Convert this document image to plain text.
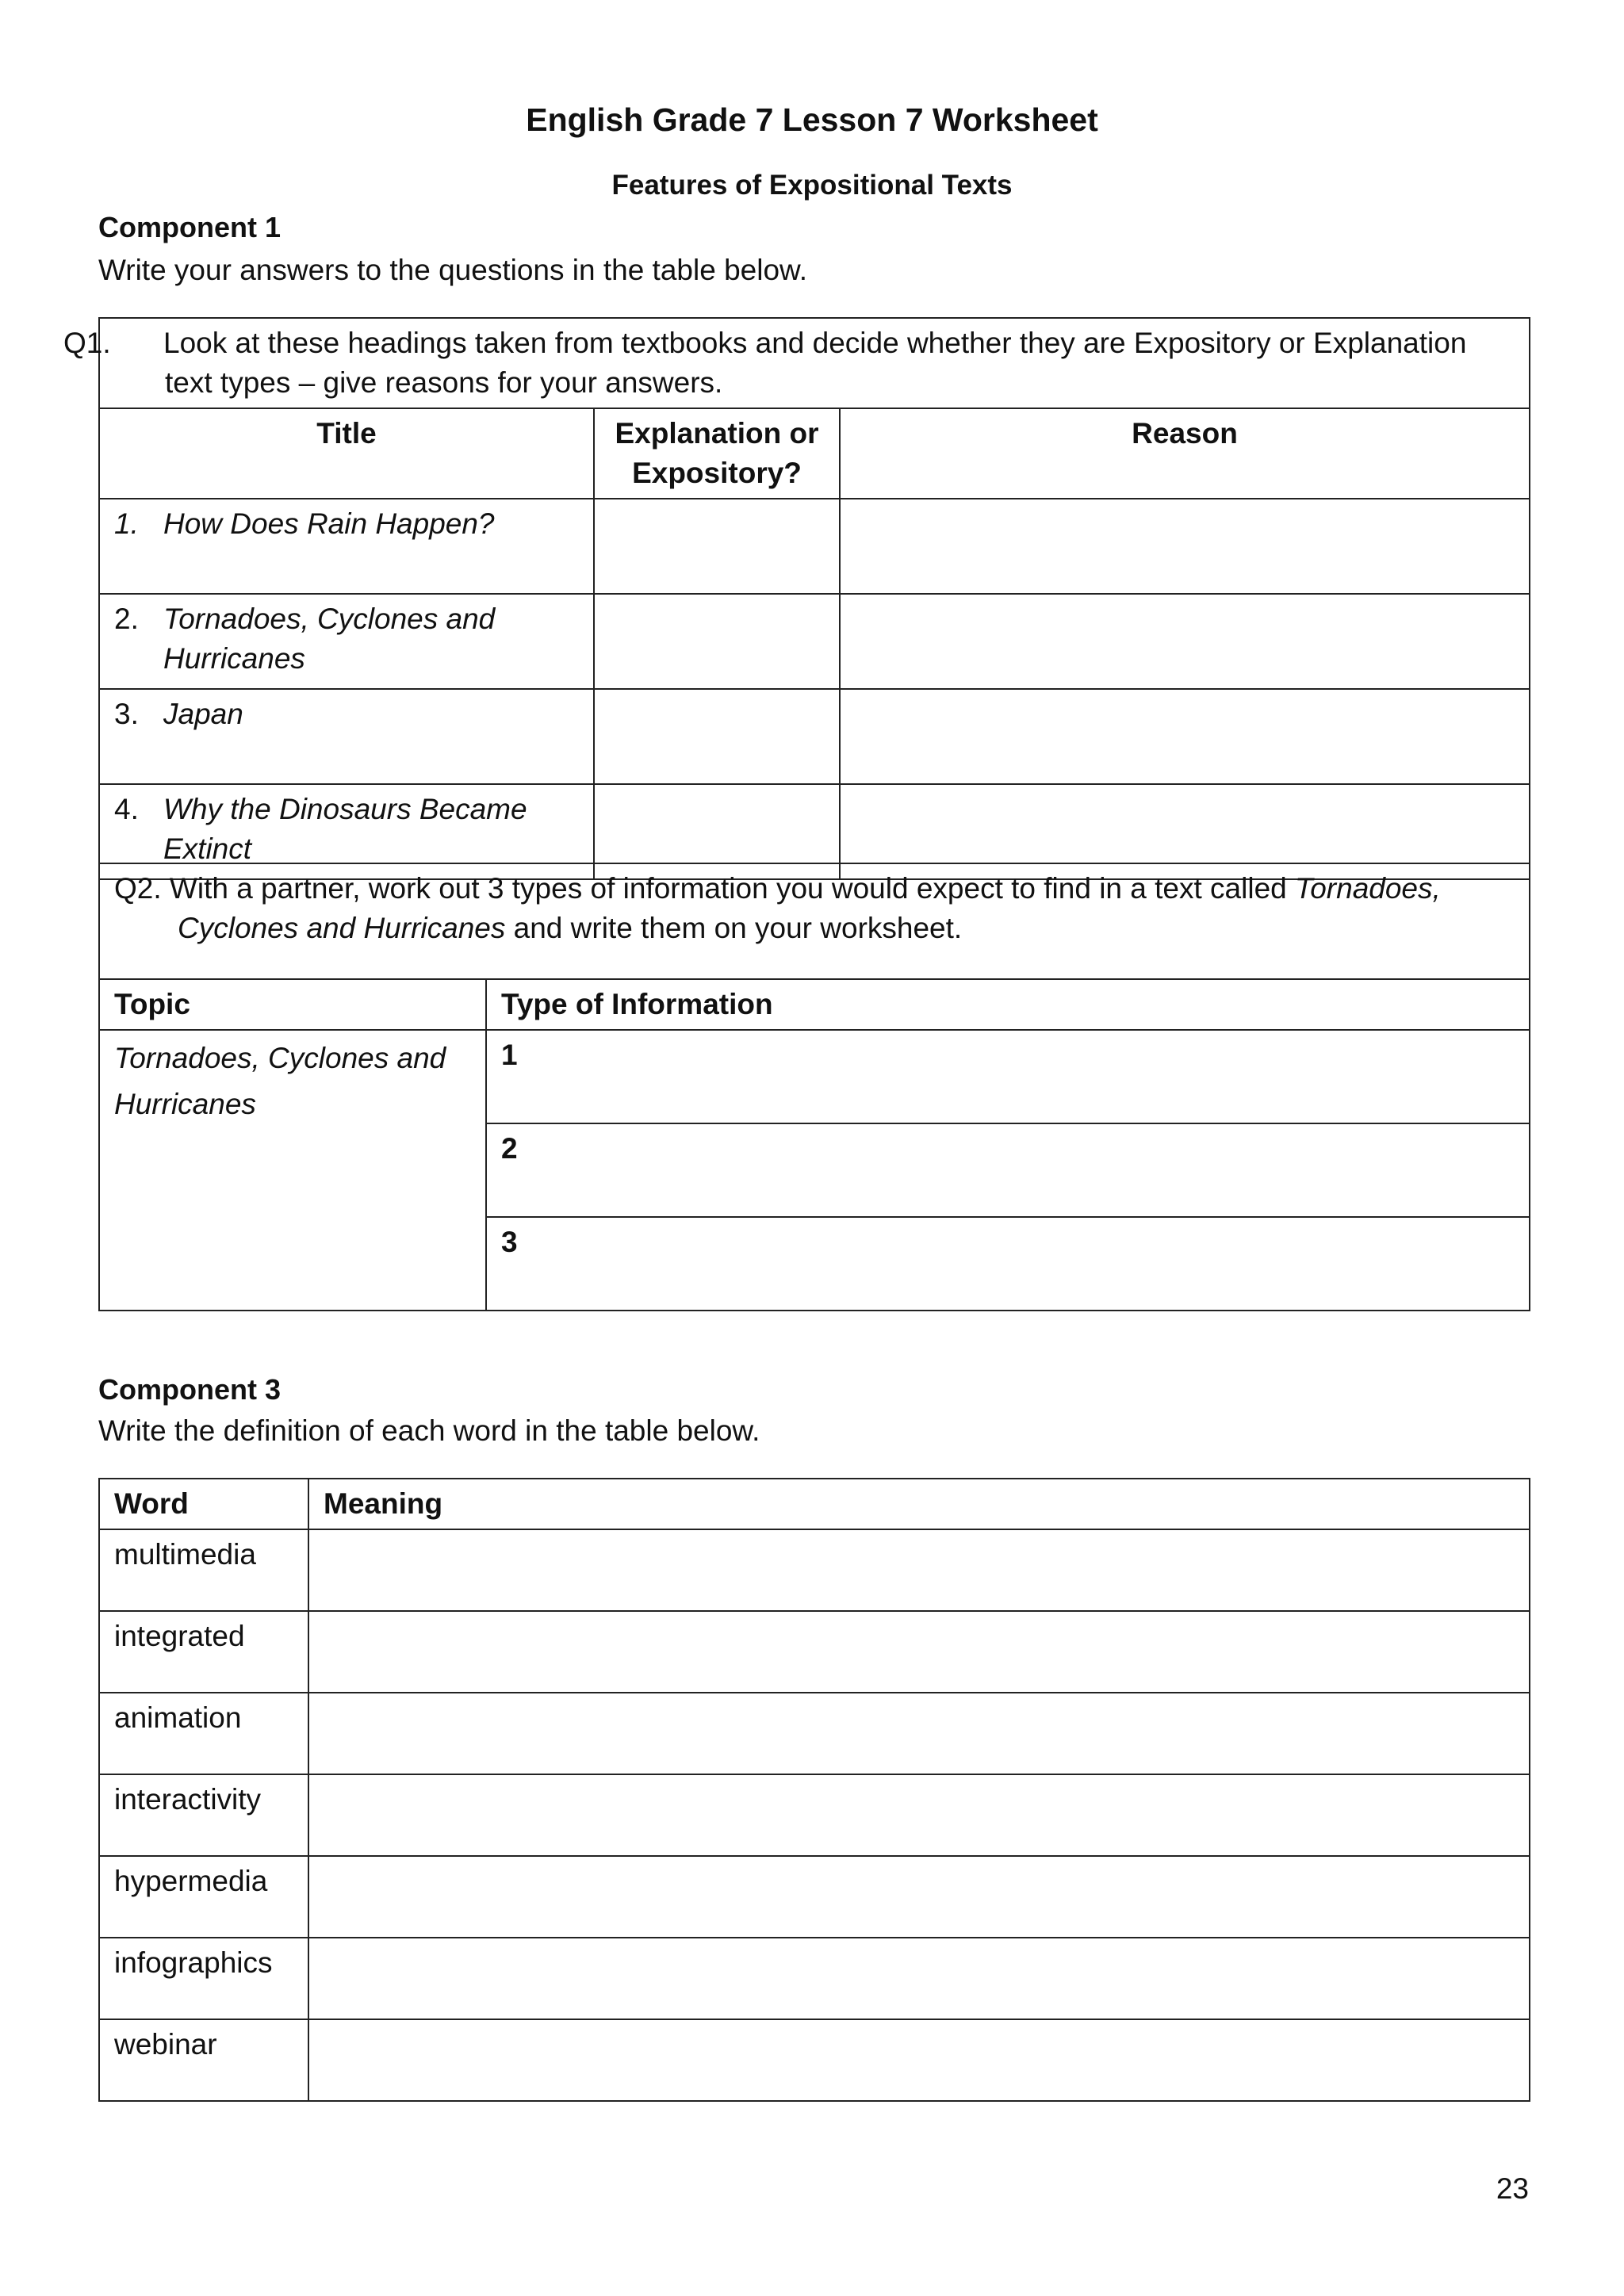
English Grade 7 Lesson 7 Worksheet
Features of Expositional Texts
Component 1
Write your answers to the questions in the table below.
Q1. Look at these headings taken from textbooks and decide whether they are Expository or Explanation text types – give reasons for your answers.		
Title	Explanation or Expository?	Reason
1. How Does Rain Happen?		
2. Tornadoes, Cyclones and Hurricanes		
3. Japan		
4. Why the Dinosaurs Became Extinct		
Q2. With a partner, work out 3 types of information you would expect to find in a text called Tornadoes, Cyclones and Hurricanes and write them on your worksheet.	
Topic	Type of Information
Tornadoes, Cyclones and Hurricanes	1
	2
	3
Component 3
Write the definition of each word in the table below.
Word	Meaning
multimedia	
integrated	
animation	
interactivity	
hypermedia	
infographics	
webinar	
23
